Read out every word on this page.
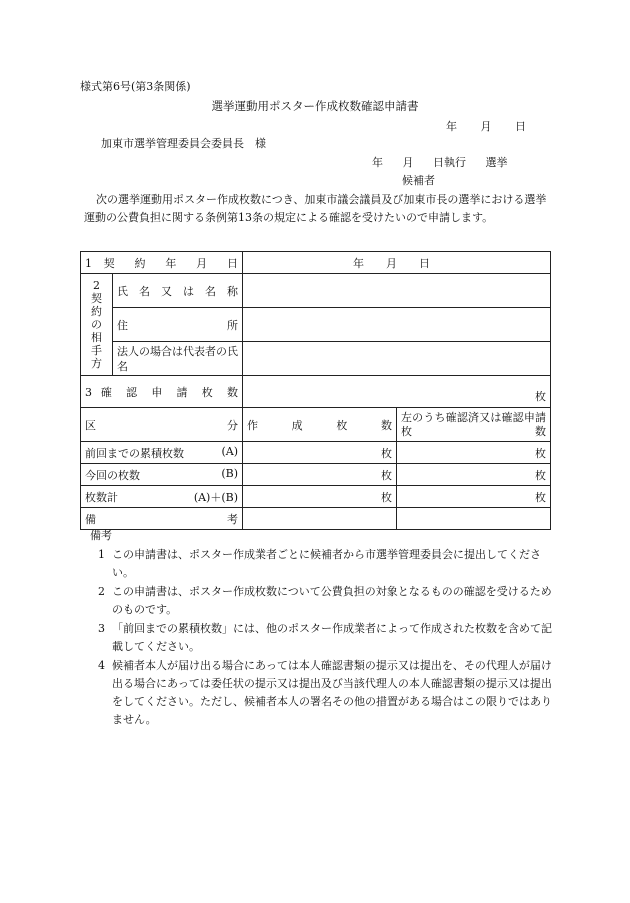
様式第6号(第3条関係)
選挙運動用ポスター作成枚数確認申請書
年 月 日
加東市選挙管理委員会委員長　様
年 月 日執行 選挙
候補者
次の選挙運動用ポスター作成枚数につき、加東市議会議員及び加東市長の選挙における選挙運動の公費負担に関する条例第13条の規定による確認を受けたいので申請します。
1 契 約 年 月 日		年　　月　　日	
2契約の相手方	氏 名 又 は 名 称		
	住 所		
	法人の場合は代表者の氏名		
3 確 認 申 請 枚 数		枚	
区 分		作 成 枚 数	左のうち確認済又は確認申請枚数

前回までの累積枚数 (A)		枚	枚

今回の枚数 (B)		枚	枚

枚数計 (A)＋(B)		枚	枚
備 考			
備考
1 この申請書は、ポスター作成業者ごとに候補者から市選挙管理委員会に提出してください。
2 この申請書は、ポスター作成枚数について公費負担の対象となるものの確認を受けるためのものです。
3 「前回までの累積枚数」には、他のポスター作成業者によって作成された枚数を含めて記載してください。
4 候補者本人が届け出る場合にあっては本人確認書類の提示又は提出を、その代理人が届け出る場合にあっては委任状の提示又は提出及び当該代理人の本人確認書類の提示又は提出をしてください。ただし、候補者本人の署名その他の措置がある場合はこの限りではありません。
